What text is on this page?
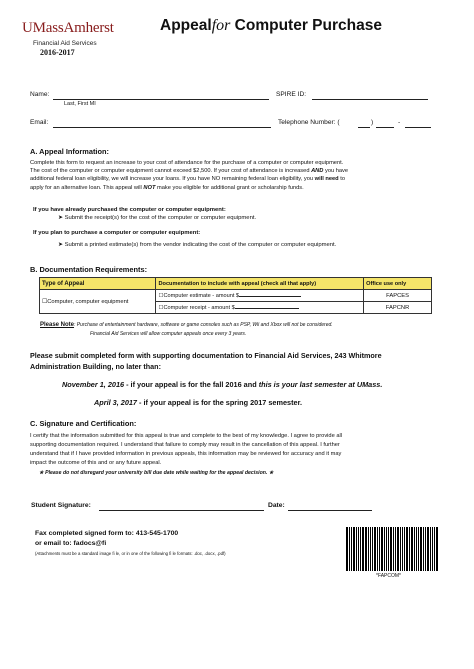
UMassAmherst
Financial Aid Services
2016-2017
Appealfor Computer Purchase
Name:
Last, First MI
SPIRE ID:
Email:	Telephone Number: (	)	-
A. Appeal Information:
Complete this form to request an increase to your cost of attendance for the purchase of a computer or computer equipment.
The cost of the computer or computer equipment cannot exceed $2,500. If your cost of attendance is increased AND you have
additional federal loan eligibility, we will increase your loans. If you have NO remaining federal loan eligibility, you will need to
apply for an alternative loan. This appeal will NOT make you eligible for additional grant or scholarship funds.
If you have already purchased the computer or computer equipment:
➤ Submit the receipt(s) for the cost of the computer or computer equipment.
If you plan to purchase a computer or computer equipment:
➤ Submit a printed estimate(s) from the vendor indicating the cost of the computer or computer equipment.
B. Documentation Requirements:
Type of Appeal	Documentation to include with appeal (check all that apply)	Office use only
☐Computer, computer equipment	☐Computer estimate - amount $	FAPCES
	☐Computer receipt - amount $	FAPCNR
Please Note: Purchase of entertainment hardware, software or game consoles such as PSP, Wii and Xbox will not be considered.
Financial Aid Services will allow computer appeals once every 3 years.
Please submit completed form with supporting documentation to Financial Aid Services, 243 Whitmore
Administration Building, no later than:
November 1, 2016 - if your appeal is for the fall 2016 and this is your last semester at UMass.
April 3, 2017 - if your appeal is for the spring 2017 semester.
C. Signature and Certification:
I certify that the information submitted for this appeal is true and complete to the best of my knowledge. I agree to provide all
supporting documentation required. I understand that failure to comply may result in the cancellation of this appeal. I further
understand that if I have provided information in previous appeals, this information may be reviewed for accuracy and it may
impact the outcome of this and or any future appeal.
★ Please do not disregard your university bill due date while waiting for the appeal decision. ★
Student Signature:	Date:
Fax completed signed form to: 413-545-1700
or email to: fadocs@fi
(Attachments must be a standard image fi le, or in one of the following fi le formats: .doc, .docx, .pdf)
*FAPCOM*
